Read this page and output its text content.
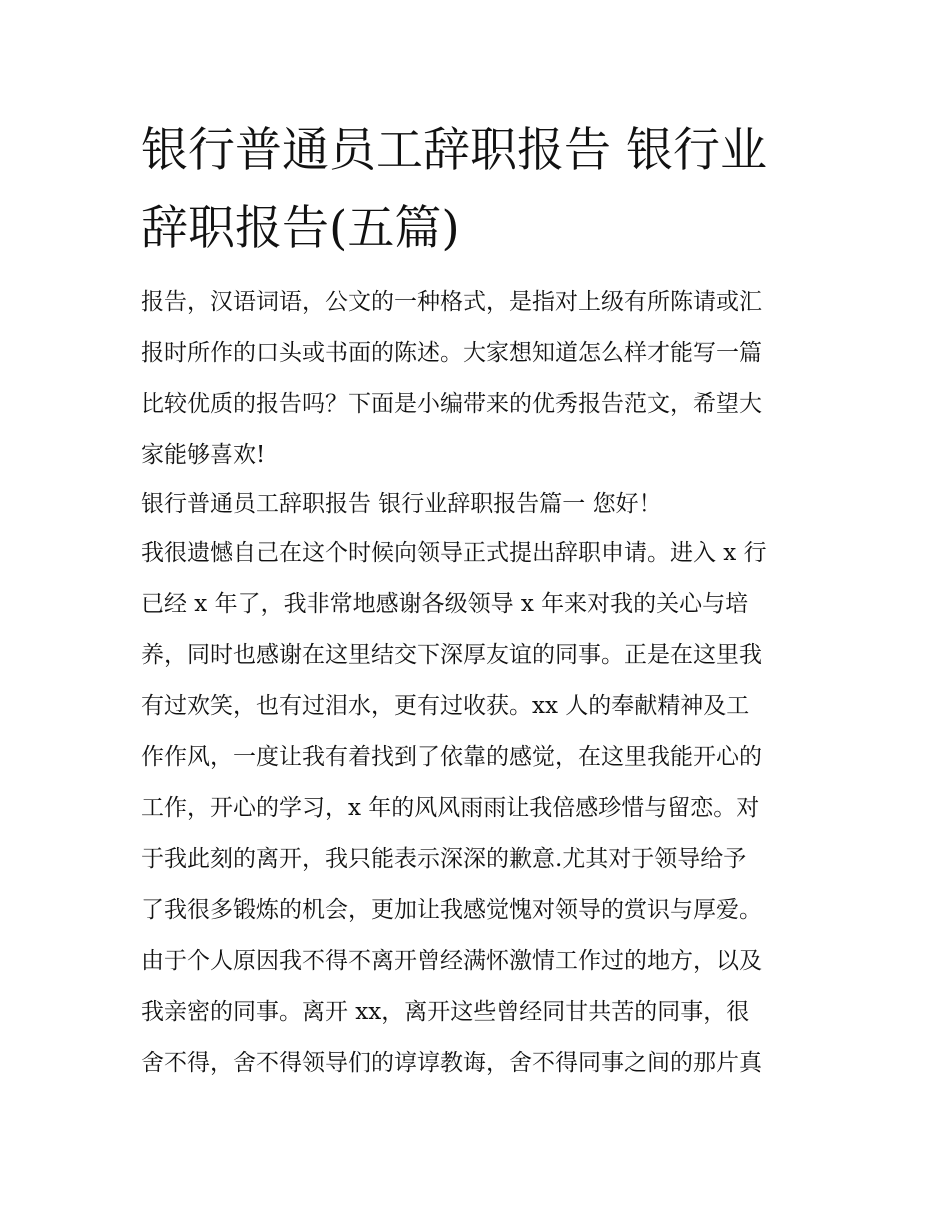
银行普通员工辞职报告 银行业
辞职报告(五篇)
报告，汉语词语，公文的一种格式，是指对上级有所陈请或汇
报时所作的口头或书面的陈述。大家想知道怎么样才能写一篇
比较优质的报告吗？下面是小编带来的优秀报告范文，希望大
家能够喜欢!
银行普通员工辞职报告 银行业辞职报告篇一 您好！
我很遗憾自己在这个时候向领导正式提出辞职申请。进入 x 行
已经 x 年了，我非常地感谢各级领导 x 年来对我的关心与培
养，同时也感谢在这里结交下深厚友谊的同事。正是在这里我
有过欢笑，也有过泪水，更有过收获。xx 人的奉献精神及工
作作风，一度让我有着找到了依靠的感觉，在这里我能开心的
工作，开心的学习，x 年的风风雨雨让我倍感珍惜与留恋。对
于我此刻的离开，我只能表示深深的歉意.尤其对于领导给予
了我很多锻炼的机会，更加让我感觉愧对领导的赏识与厚爱。
由于个人原因我不得不离开曾经满怀激情工作过的地方，以及
我亲密的同事。离开 xx，离开这些曾经同甘共苦的同事，很
舍不得，舍不得领导们的谆谆教诲，舍不得同事之间的那片真
